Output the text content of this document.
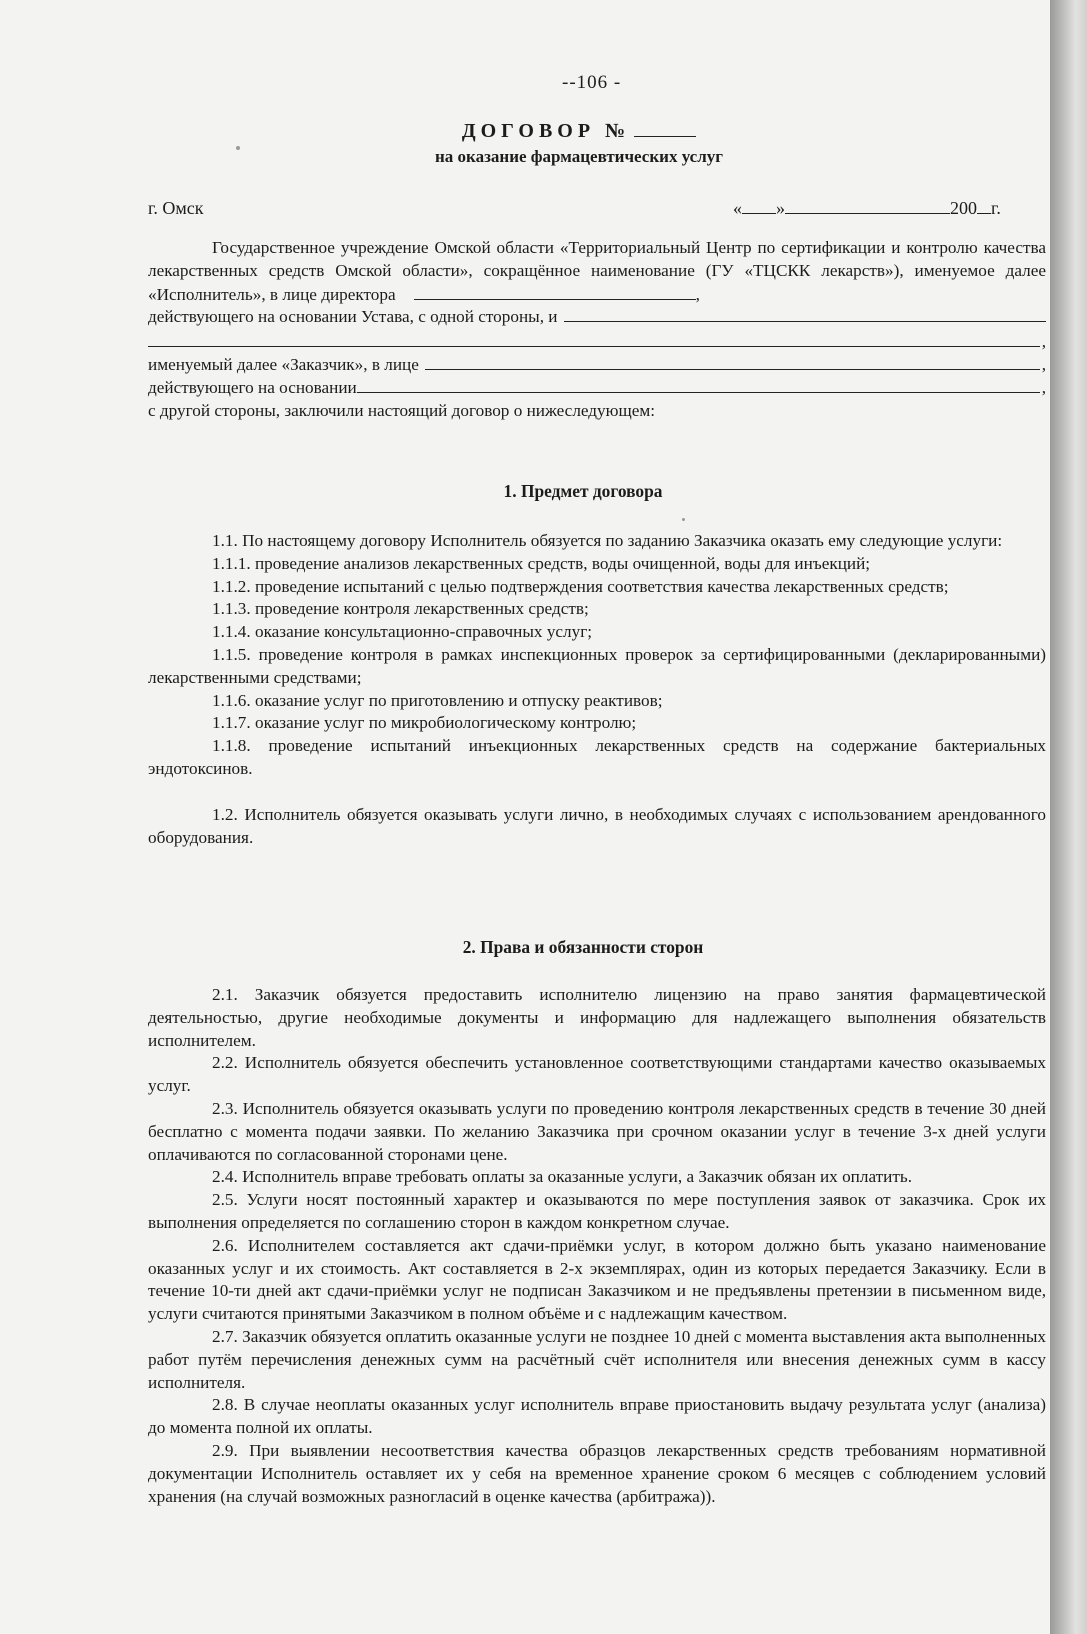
--106 -
ДОГОВОР №
на оказание фармацевтических услуг
г. Омск	« »	200 г.
Государственное учреждение Омской области «Территориальный Центр по сертификации и контролю качества лекарственных средств Омской области», сокращённое наименование (ГУ «ТЦСКК лекарств»), именуемое далее «Исполнитель», в лице директора	,
действующего на основании Устава, с одной стороны, и
,
именуемый далее «Заказчик», в лице	,
действующего на основании	,
с другой стороны, заключили настоящий договор о нижеследующем:
1. Предмет договора

1.1. По настоящему договору Исполнитель обязуется по заданию Заказчика оказать ему следующие услуги:

1.1.1. проведение анализов лекарственных средств, воды очищенной, воды для инъекций;

1.1.2. проведение испытаний с целью подтверждения соответствия качества лекарственных средств;

1.1.3. проведение контроля лекарственных средств;

1.1.4. оказание консультационно-справочных услуг;

1.1.5. проведение контроля в рамках инспекционных проверок за сертифицированными (декларированными) лекарственными средствами;

1.1.6. оказание услуг по приготовлению и отпуску реактивов;

1.1.7. оказание услуг по микробиологическому контролю;

1.1.8. проведение испытаний инъекционных лекарственных средств на содержание бактериальных эндотоксинов.

1.2. Исполнитель обязуется оказывать услуги лично, в необходимых случаях с использованием арендованного оборудования.

2. Права и обязанности сторон

2.1. Заказчик обязуется предоставить исполнителю лицензию на право занятия фармацевтической деятельностью, другие необходимые документы и информацию для надлежащего выполнения обязательств исполнителем.

2.2. Исполнитель обязуется обеспечить установленное соответствующими стандартами качество оказываемых услуг.

2.3. Исполнитель обязуется оказывать услуги по проведению контроля лекарственных средств в течение 30 дней бесплатно с момента подачи заявки. По желанию Заказчика при срочном оказании услуг в течение 3-х дней услуги оплачиваются по согласованной сторонами цене.

2.4. Исполнитель вправе требовать оплаты за оказанные услуги, а Заказчик обязан их оплатить.

2.5. Услуги носят постоянный характер и оказываются по мере поступления заявок от заказчика. Срок их выполнения определяется по соглашению сторон в каждом конкретном случае.

2.6. Исполнителем составляется акт сдачи-приёмки услуг, в котором должно быть указано наименование оказанных услуг и их стоимость. Акт составляется в 2-х экземплярах, один из которых передается Заказчику. Если в течение 10-ти дней акт сдачи-приёмки услуг не подписан Заказчиком и не предъявлены претензии в письменном виде, услуги считаются принятыми Заказчиком в полном объёме и с надлежащим качеством.

2.7. Заказчик обязуется оплатить оказанные услуги не позднее 10 дней с момента выставления акта выполненных работ путём перечисления денежных сумм на расчётный счёт исполнителя или внесения денежных сумм в кассу исполнителя.

2.8. В случае неоплаты оказанных услуг исполнитель вправе приостановить выдачу результата услуг (анализа) до момента полной их оплаты.

2.9. При выявлении несоответствия качества образцов лекарственных средств требованиям нормативной документации Исполнитель оставляет их у себя на временное хранение сроком 6 месяцев с соблюдением условий хранения (на случай возможных разногласий в оценке качества (арбитража)).
